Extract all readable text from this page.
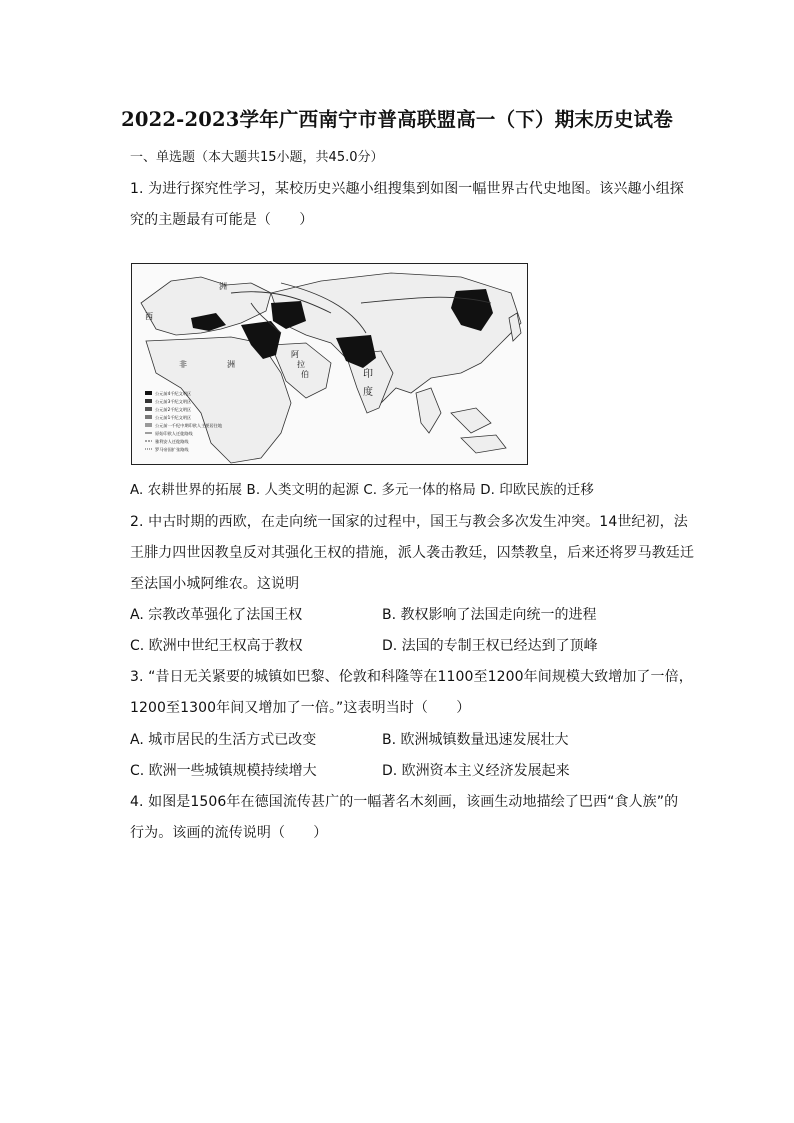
2022-2023学年广西南宁市普高联盟高一（下）期末历史试卷
一、单选题（本大题共15小题，共45.0分）
1. 为进行探究性学习，某校历史兴趣小组搜集到如图一幅世界古代史地图。该兴趣小组探
究的主题最有可能是（　　）
洲
西
非	洲
阿
拉
伯	印
度
公元前4千纪文明区
公元前3千纪文明区
公元前2千纪文明区
公元前1千纪文明区
公元前一千纪中期印欧人主要居住地
原始印欧人迁徙路线
雅利安人迁徙路线
罗马帝国扩张路线
A. 农耕世界的拓展 B. 人类文明的起源 C. 多元一体的格局 D. 印欧民族的迁移
2. 中古时期的西欧，在走向统一国家的过程中，国王与教会多次发生冲突。14世纪初，法
王腓力四世因教皇反对其强化王权的措施，派人袭击教廷，囚禁教皇，后来还将罗马教廷迁
至法国小城阿维农。这说明
A. 宗教改革强化了法国王权	B. 教权影响了法国走向统一的进程
C. 欧洲中世纪王权高于教权	D. 法国的专制王权已经达到了顶峰
3. “昔日无关紧要的城镇如巴黎、伦敦和科隆等在1100至1200年间规模大致增加了一倍，
1200至1300年间又增加了一倍。”这表明当时（　　）
A. 城市居民的生活方式已改变	B. 欧洲城镇数量迅速发展壮大
C. 欧洲一些城镇规模持续增大	D. 欧洲资本主义经济发展起来
4. 如图是1506年在德国流传甚广的一幅著名木刻画，该画生动地描绘了巴西“食人族”的
行为。该画的流传说明（　　）
